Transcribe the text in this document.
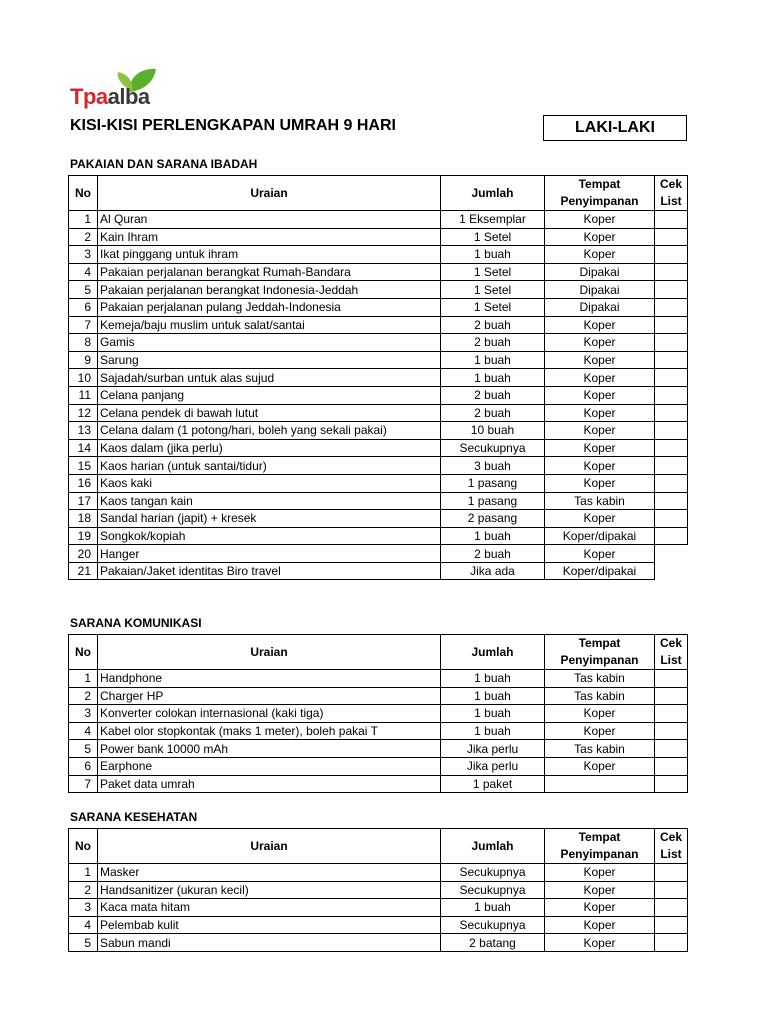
Tpaalba
KISI-KISI PERLENGKAPAN UMRAH 9 HARI	LAKI-LAKI
PAKAIAN DAN SARANA IBADAH
No	Uraian	Jumlah	Tempat Penyimpanan	Cek List
1	Al Quran	1 Eksemplar	Koper	
2	Kain Ihram	1 Setel	Koper	
3	Ikat pinggang untuk ihram	1 buah	Koper	
4	Pakaian perjalanan berangkat Rumah-Bandara	1 Setel	Dipakai	
5	Pakaian perjalanan berangkat Indonesia-Jeddah	1 Setel	Dipakai	
6	Pakaian perjalanan pulang Jeddah-Indonesia	1 Setel	Dipakai	
7	Kemeja/baju muslim untuk salat/santai	2 buah	Koper	
8	Gamis	2 buah	Koper	
9	Sarung	1 buah	Koper	
10	Sajadah/surban untuk alas sujud	1 buah	Koper	
11	Celana panjang	2 buah	Koper	
12	Celana pendek di bawah lutut	2 buah	Koper	
13	Celana dalam (1 potong/hari, boleh yang sekali pakai)	10 buah	Koper	
14	Kaos dalam (jika perlu)	Secukupnya	Koper	
15	Kaos harian (untuk santai/tidur)	3 buah	Koper	
16	Kaos kaki	1 pasang	Koper	
17	Kaos tangan kain	1 pasang	Tas kabin	
18	Sandal harian (japit) + kresek	2 pasang	Koper	
19	Songkok/kopiah	1 buah	Koper/dipakai	
20	Hanger	2 buah	Koper	
21	Pakaian/Jaket identitas Biro travel	Jika ada	Koper/dipakai	
SARANA KOMUNIKASI
No	Uraian	Jumlah	Tempat Penyimpanan	Cek List
1	Handphone	1 buah	Tas kabin	
2	Charger HP	1 buah	Tas kabin	
3	Konverter colokan internasional (kaki tiga)	1 buah	Koper	
4	Kabel olor stopkontak (maks 1 meter), boleh pakai T	1 buah	Koper	
5	Power bank 10000 mAh	Jika perlu	Tas kabin	
6	Earphone	Jika perlu	Koper	
7	Paket data umrah	1 paket		
SARANA KESEHATAN
No	Uraian	Jumlah	Tempat Penyimpanan	Cek List
1	Masker	Secukupnya	Koper	
2	Handsanitizer (ukuran kecil)	Secukupnya	Koper	
3	Kaca mata hitam	1 buah	Koper	
4	Pelembab kulit	Secukupnya	Koper	
5	Sabun mandi	2 batang	Koper	
